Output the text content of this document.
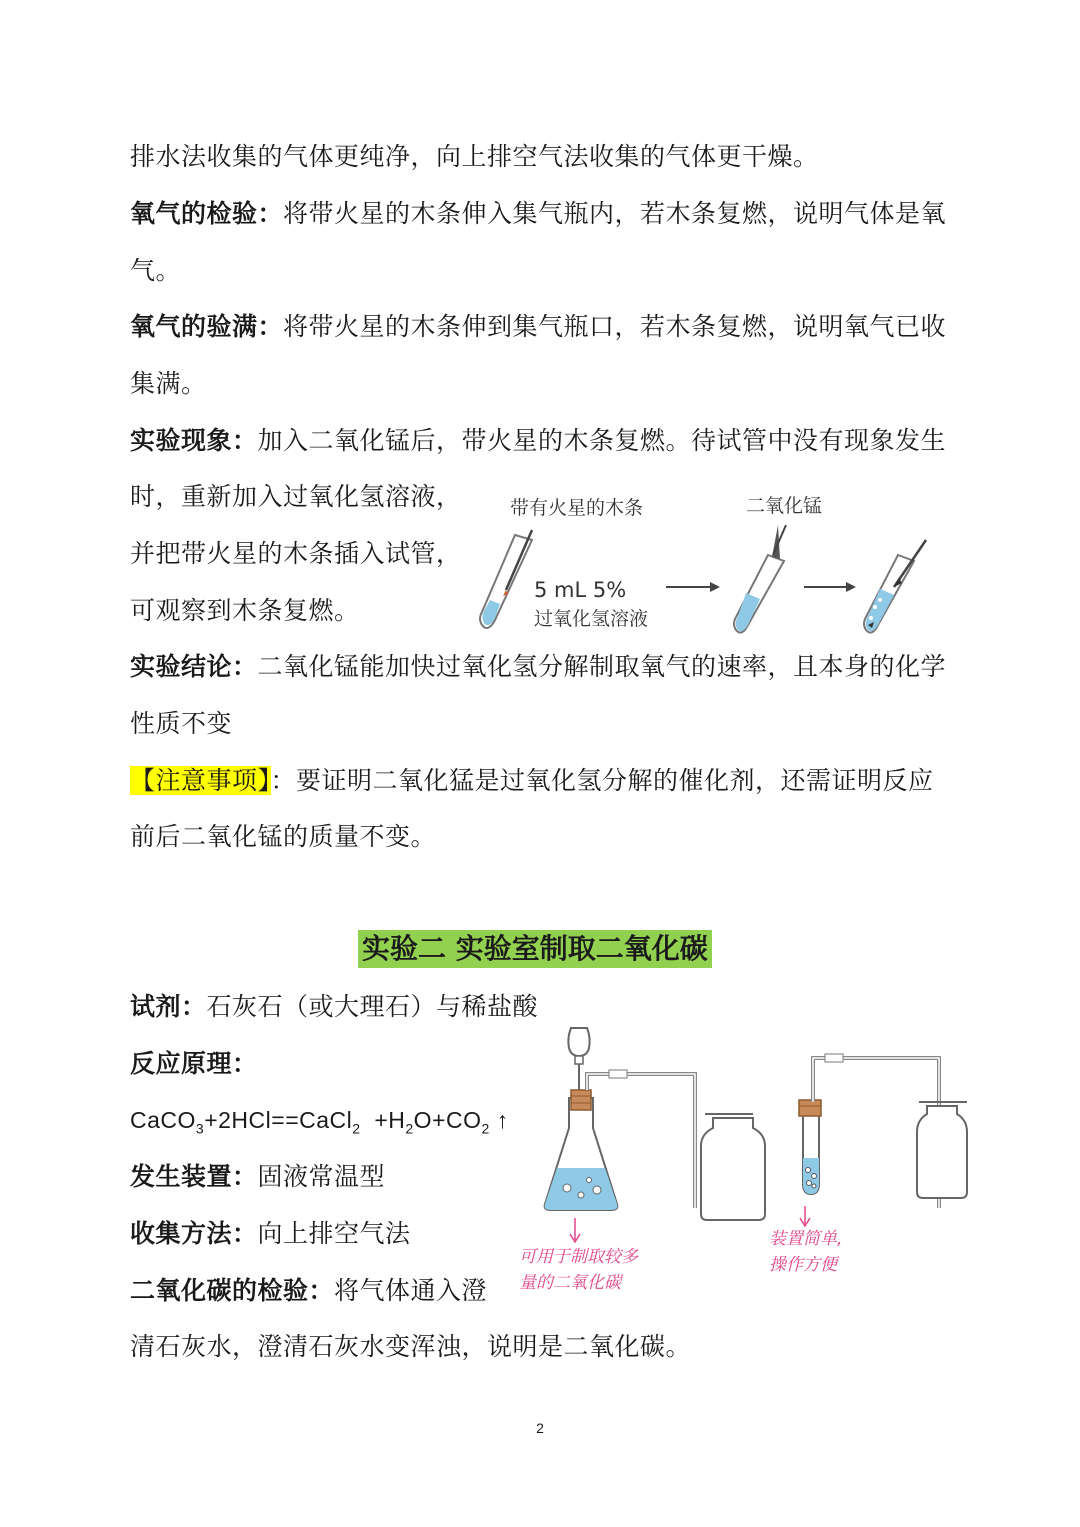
排水法收集的气体更纯净，向上排空气法收集的气体更干燥。
氧气的检验：将带火星的木条伸入集气瓶内，若木条复燃，说明气体是氧
气。
氧气的验满：将带火星的木条伸到集气瓶口，若木条复燃，说明氧气已收
集满。
实验现象：加入二氧化锰后，带火星的木条复燃。待试管中没有现象发生
时，重新加入过氧化氢溶液，
并把带火星的木条插入试管，
可观察到木条复燃。
带有火星的木条
5 mL 5%
过氧化氢溶液
二氧化锰
实验结论：二氧化锰能加快过氧化氢分解制取氧气的速率，且本身的化学
性质不变
【注意事项】：要证明二氧化猛是过氧化氢分解的催化剂，还需证明反应
前后二氧化锰的质量不变。
实验二 实验室制取二氧化碳
试剂：石灰石（或大理石）与稀盐酸
反应原理：
CaCO$_3$+2HCl==CaCl$_2$  $+H_2O+CO_2$ ↑
发生装置：固液常温型
收集方法：向上排空气法
二氧化碳的检验：将气体通入澄
清石灰水，澄清石灰水变浑浊，说明是二氧化碳。
可用于制取较多
量的二氧化碳
装置简单,
操作方便
2
